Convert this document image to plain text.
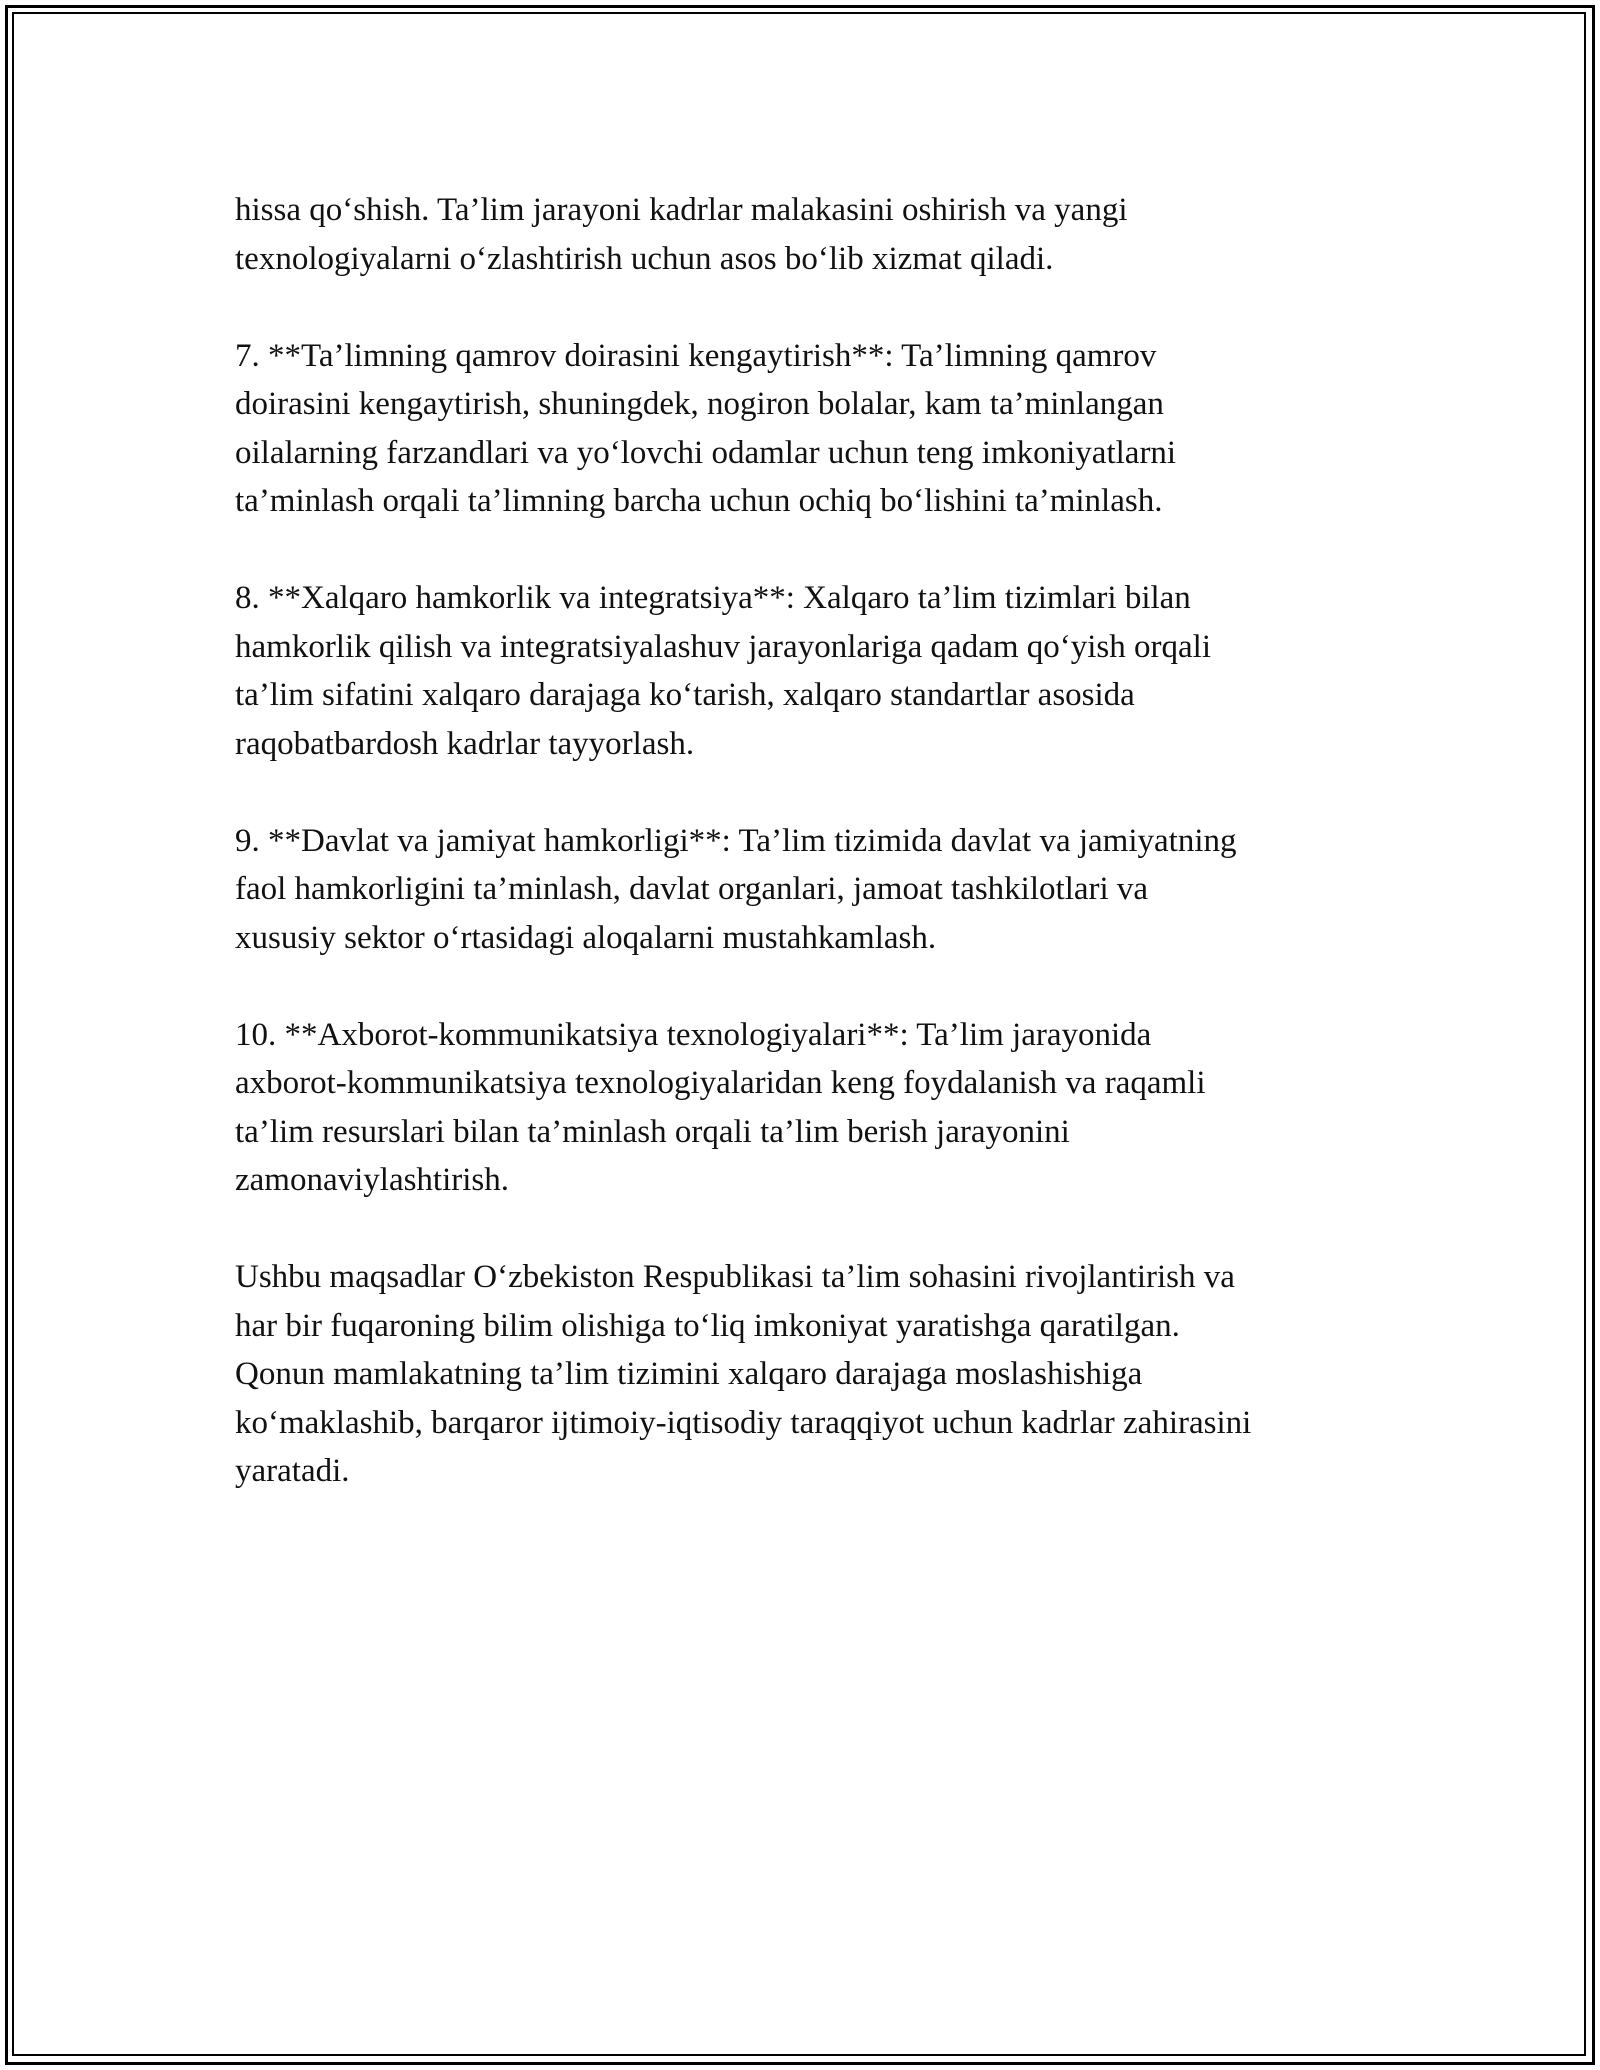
hissa qo‘shish. Ta’lim jarayoni kadrlar malakasini oshirish va yangi
texnologiyalarni o‘zlashtirish uchun asos bo‘lib xizmat qiladi.

7. **Ta’limning qamrov doirasini kengaytirish**: Ta’limning qamrov
doirasini kengaytirish, shuningdek, nogiron bolalar, kam ta’minlangan
oilalarning farzandlari va yo‘lovchi odamlar uchun teng imkoniyatlarni
ta’minlash orqali ta’limning barcha uchun ochiq bo‘lishini ta’minlash.

8. **Xalqaro hamkorlik va integratsiya**: Xalqaro ta’lim tizimlari bilan
hamkorlik qilish va integratsiyalashuv jarayonlariga qadam qo‘yish orqali
ta’lim sifatini xalqaro darajaga ko‘tarish, xalqaro standartlar asosida
raqobatbardosh kadrlar tayyorlash.

9. **Davlat va jamiyat hamkorligi**: Ta’lim tizimida davlat va jamiyatning
faol hamkorligini ta’minlash, davlat organlari, jamoat tashkilotlari va
xususiy sektor o‘rtasidagi aloqalarni mustahkamlash.

10. **Axborot-kommunikatsiya texnologiyalari**: Ta’lim jarayonida
axborot-kommunikatsiya texnologiyalaridan keng foydalanish va raqamli
ta’lim resurslari bilan ta’minlash orqali ta’lim berish jarayonini
zamonaviylashtirish.

Ushbu maqsadlar O‘zbekiston Respublikasi ta’lim sohasini rivojlantirish va
har bir fuqaroning bilim olishiga to‘liq imkoniyat yaratishga qaratilgan.
Qonun mamlakatning ta’lim tizimini xalqaro darajaga moslashishiga
ko‘maklashib, barqaror ijtimoiy-iqtisodiy taraqqiyot uchun kadrlar zahirasini
yaratadi.
